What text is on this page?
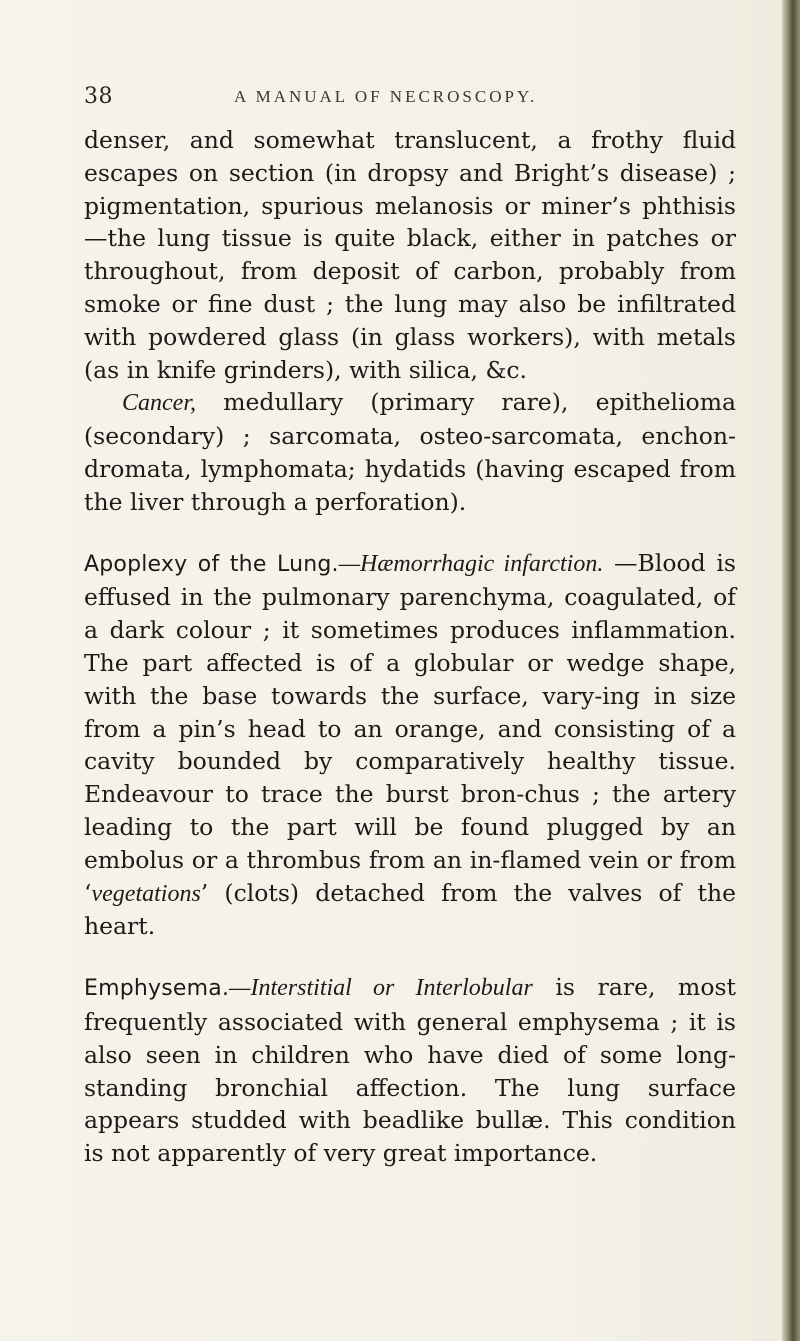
38	A MANUAL OF NECROSCOPY.

denser, and somewhat translucent, a frothy fluid escapes on section (in dropsy and Bright’s disease) ; pigmentation, spurious melanosis or miner’s phthisis —the lung tissue is quite black, either in patches or throughout, from deposit of carbon, probably from smoke or fine dust ; the lung may also be infiltrated with powdered glass (in glass workers), with metals (as in knife grinders), with silica, &c.

Cancer, medullary (primary rare), epithelioma (secondary) ; sarcomata, osteo-sarcomata, enchon-dromata, lymphomata; hydatids (having escaped from the liver through a perforation).

Apoplexy of the Lung.—Hæmorrhagic infarction. —Blood is effused in the pulmonary parenchyma, coagulated, of a dark colour ; it sometimes produces inflammation. The part affected is of a globular or wedge shape, with the base towards the surface, vary-ing in size from a pin’s head to an orange, and consisting of a cavity bounded by comparatively healthy tissue. Endeavour to trace the burst bron-chus ; the artery leading to the part will be found plugged by an embolus or a thrombus from an in-flamed vein or from ‘vegetations’ (clots) detached from the valves of the heart.

Emphysema.—Interstitial or Interlobular is rare, most frequently associated with general emphysema ; it is also seen in children who have died of some long-standing bronchial affection. The lung surface appears studded with beadlike bullæ. This condition is not apparently of very great importance.
